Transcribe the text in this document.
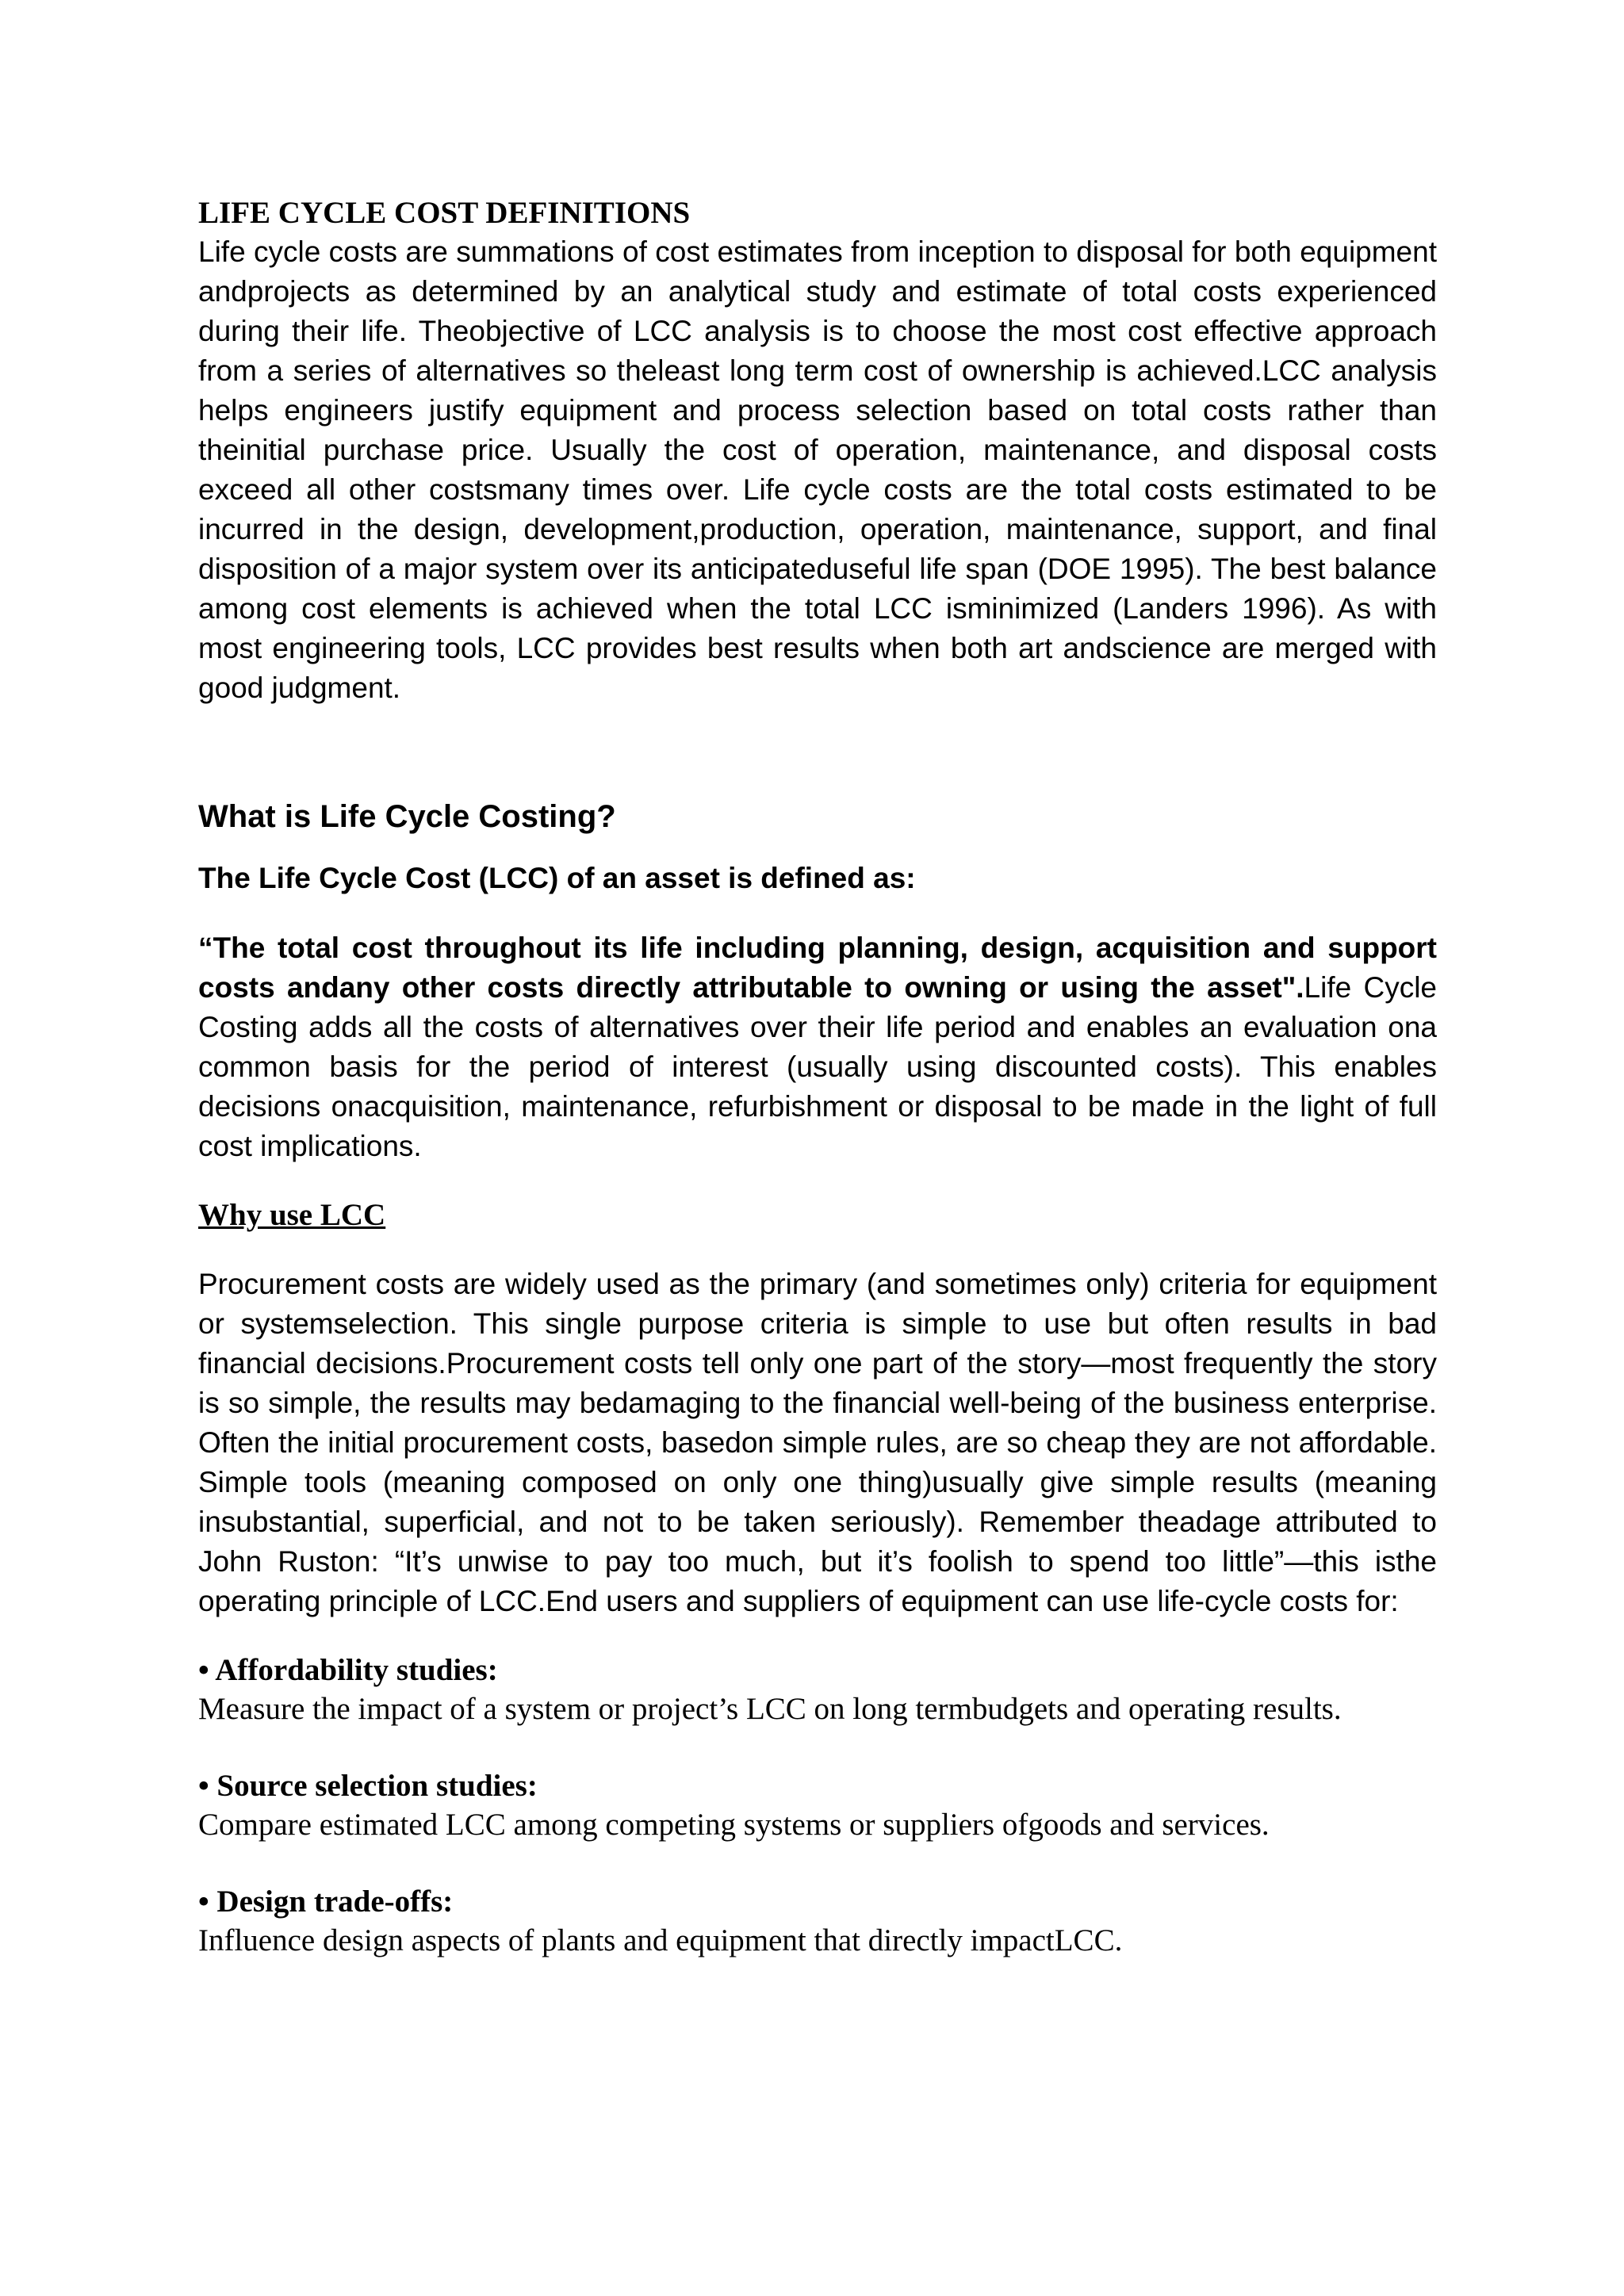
LIFE CYCLE COST DEFINITIONS

Life cycle costs are summations of cost estimates from inception to disposal for both equipment andprojects as determined by an analytical study and estimate of total costs experienced during their life. Theobjective of LCC analysis is to choose the most cost effective approach from a series of alternatives so theleast long term cost of ownership is achieved.LCC analysis helps engineers justify equipment and process selection based on total costs rather than theinitial purchase price. Usually the cost of operation, maintenance, and disposal costs exceed all other costsmany times over. Life cycle costs are the total costs estimated to be incurred in the design, development,production, operation, maintenance, support, and final disposition of a major system over its anticipateduseful life span (DOE 1995). The best balance among cost elements is achieved when the total LCC isminimized (Landers 1996). As with most engineering tools, LCC provides best results when both art andscience are merged with good judgment.

What is Life Cycle Costing?

The Life Cycle Cost (LCC) of an asset is defined as:

“The total cost throughout its life including planning, design, acquisition and support costs andany other costs directly attributable to owning or using the asset".Life Cycle Costing adds all the costs of alternatives over their life period and enables an evaluation ona common basis for the period of interest (usually using discounted costs). This enables decisions onacquisition, maintenance, refurbishment or disposal to be made in the light of full cost implications.

Why use LCC

Procurement costs are widely used as the primary (and sometimes only) criteria for equipment or systemselection. This single purpose criteria is simple to use but often results in bad financial decisions.Procurement costs tell only one part of the story—most frequently the story is so simple, the results may bedamaging to the financial well-being of the business enterprise. Often the initial procurement costs, basedon simple rules, are so cheap they are not affordable. Simple tools (meaning composed on only one thing)usually give simple results (meaning insubstantial, superficial, and not to be taken seriously). Remember theadage attributed to John Ruston: “It’s unwise to pay too much, but it’s foolish to spend too little”—this isthe operating principle of LCC.End users and suppliers of equipment can use life-cycle costs for:

• Affordability studies:

Measure the impact of a system or project’s LCC on long termbudgets and operating results.

• Source selection studies:

Compare estimated LCC among competing systems or suppliers ofgoods and services.

• Design trade-offs:

Influence design aspects of plants and equipment that directly impactLCC.
